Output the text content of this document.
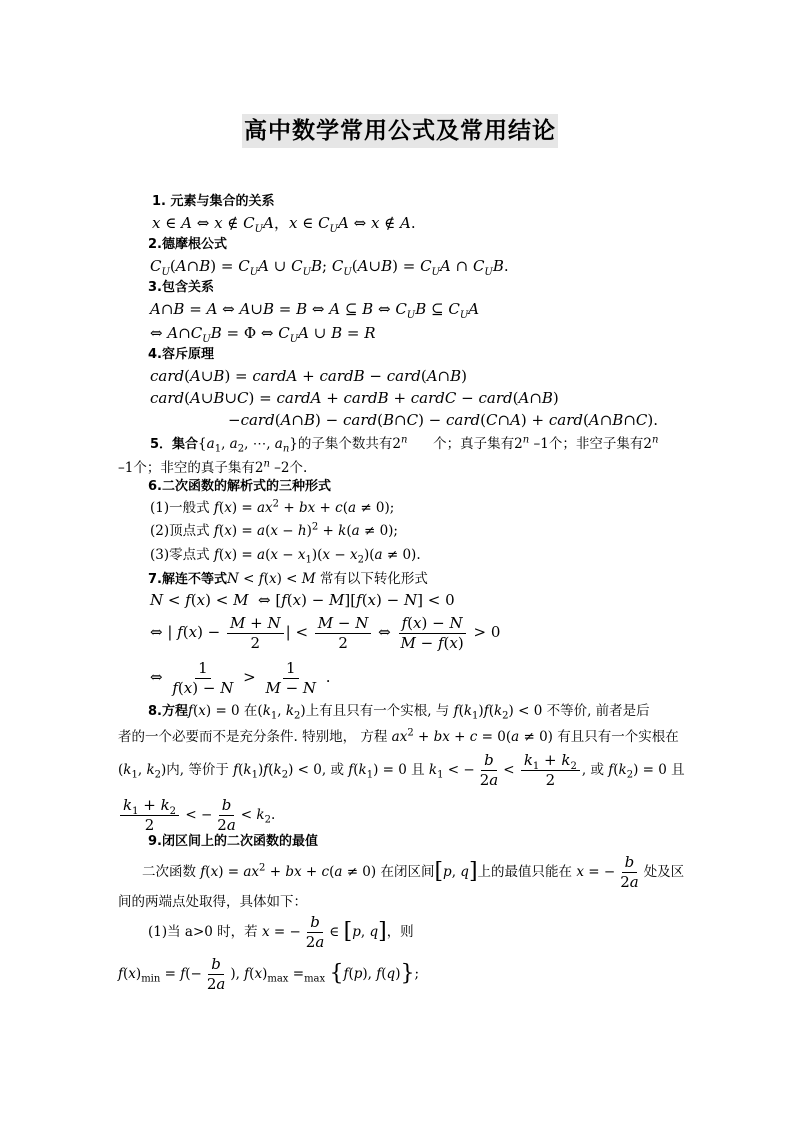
高中数学常用公式及常用结论
1. 元素与集合的关系
x ∈ A ⇔ x ∉ $C_UA$，x ∈ $C_UA$ ⇔ x ∉ A.
2.德摩根公式
$C_U(A\cap B) = C_UA$ ∪ $C_UB$; $C_U(A\cup B) = C_UA$ ∩ $C_UB$.
3.包含关系
A∩B = A ⇔ A∪B = B ⇔ A ⊆ B ⇔ $C_UB$ ⊆ $C_UA$
⇔ $A\cap C_UB = \Phi$ ⇔ $C_UA$ ∪ B = R
4.容斥原理
card(A∪B) = cardA + cardB − card(A∩B)
card(A∪B∪C) = cardA + cardB + cardC − card(A∩B)
−card(A∩B) − card(B∩C) − card(C∩A) + card(A∩B∩C).
5．集合{$a_1$, $a_2$, ⋯, $a_n$}的子集个数共有2$^n$      个；真子集有2$^n$ –1个；非空子集有2$^n$
–1个；非空的真子集有2$^n$ –2个.
6.二次函数的解析式的三种形式
(1)一般式 $f(x) = ax^2$ + bx + c(a ≠ 0);
(2)顶点式 $f(x) = a(x - h)^2 + k(a \ne 0)$;
(3)零点式 $f(x) = a(x - x_1)(x - x_2)(a \ne 0)$.
7.解连不等式N < f(x) < M 常有以下转化形式
N < f(x) < M  ⇔ [f(x) − M][f(x) − N] < 0
⇔ | $f(x) - \frac{M + N}{2}$ | < $\frac{M - N}{2}$ ⇔ $\frac{f(x) - N}{M - f(x)} > 0$
⇔ $\frac{1}{f(x) - N} > \frac{1}{M - N}$ .
8.方程f(x) = 0 在($k_1$, $k_2$)上有且只有一个实根, 与 $f(k_1)f(k_2) < 0$ 不等价, 前者是后
者的一个必要而不是充分条件. 特别地， 方程 $ax^2$ + bx + c = 0(a ≠ 0) 有且只有一个实根在
($k_1$, $k_2$)内, 等价于 $f(k_1)f(k_2) < 0$, 或 $f(k_1) = 0$ 且 $k_1$ < − $\frac{b}{2a} < \frac{k_1 + k_2}{2}$ , 或 $f(k_2) = 0$ 且
$\frac{k_1 + k_2}{2}$ < − $\frac{b}{2a} < k_2$.
9.闭区间上的二次函数的最值
二次函数 $f(x) = ax^2$ + bx + c(a ≠ 0) 在闭区间[p, q]上的最值只能在 x = − $\frac{b}{2a}$ 处及区
间的两端点处取得，具体如下：
(1)当 a>0 时，若 x = − $\frac{b}{2a}$ ∈ [p, q]，则
$f(x)_{min} = f(- \frac{b}{2a}$ ), $f(x)_{max} =_{max}$ {f(p), f(q)};
